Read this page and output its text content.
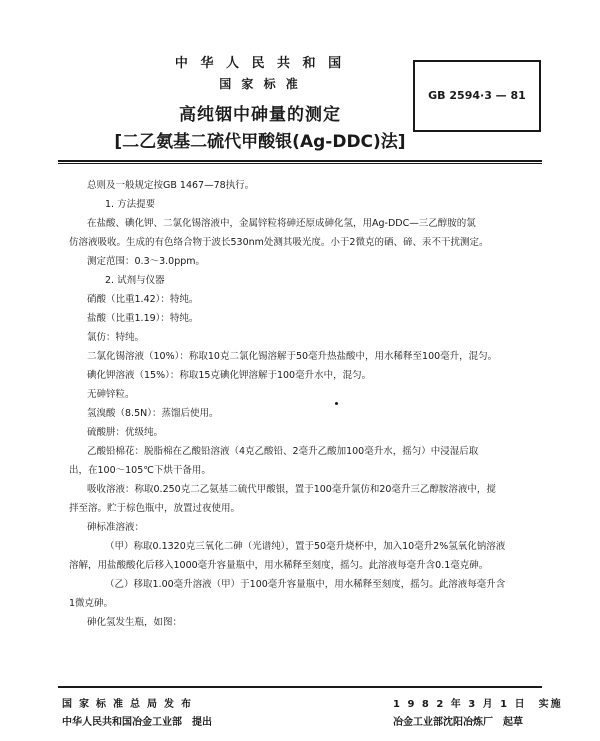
中 华 人 民 共 和 国
国 家 标 准
高纯铟中砷量的测定
[二乙氨基二硫代甲酸银(Ag-DDC)法]
GB 2594·3 — 81

总则及一般规定按GB 1467—78执行。

1. 方法提要

在盐酸、碘化钾、二氯化锡溶液中，金属锌粒将砷还原成砷化氢，用Ag-DDC—三乙醇胺的氯

仿溶液吸收。生成的有色络合物于波长530nm处测其吸光度。小于2微克的硒、碲、汞不干扰测定。

测定范围：0.3～3.0ppm。

2. 试剂与仪器

硝酸（比重1.42）：特纯。

盐酸（比重1.19）：特纯。

氯仿：特纯。

二氯化锡溶液（10%）：称取10克二氯化锡溶解于50毫升热盐酸中，用水稀释至100毫升，混匀。

碘化钾溶液（15%）：称取15克碘化钾溶解于100毫升水中，混匀。

无砷锌粒。

氢溴酸（8.5N）：蒸馏后使用。

硫酸肼：优级纯。

乙酸铅棉花：脱脂棉在乙酸铅溶液（4克乙酸铅、2毫升乙酸加100毫升水，摇匀）中浸湿后取

出，在100～105℃下烘干备用。

吸收溶液：称取0.250克二乙氨基二硫代甲酸银，置于100毫升氯仿和20毫升三乙醇胺溶液中，搅

拌至溶。贮于棕色瓶中，放置过夜使用。

砷标准溶液：

（甲）称取0.1320克三氧化二砷（光谱纯），置于50毫升烧杯中，加入10毫升2%氢氧化钠溶液

溶解，用盐酸酸化后移入1000毫升容量瓶中，用水稀释至刻度，摇匀。此溶液每毫升含0.1毫克砷。

（乙）移取1.00毫升溶液（甲）于100毫升容量瓶中，用水稀释至刻度，摇匀。此溶液每毫升含

1微克砷。

砷化氢发生瓶，如图：

国家标准总局发布
中华人民共和国冶金工业部　提出
1 9 8 2 年 3 月 1 日　实施
冶金工业部沈阳冶炼厂　起草
